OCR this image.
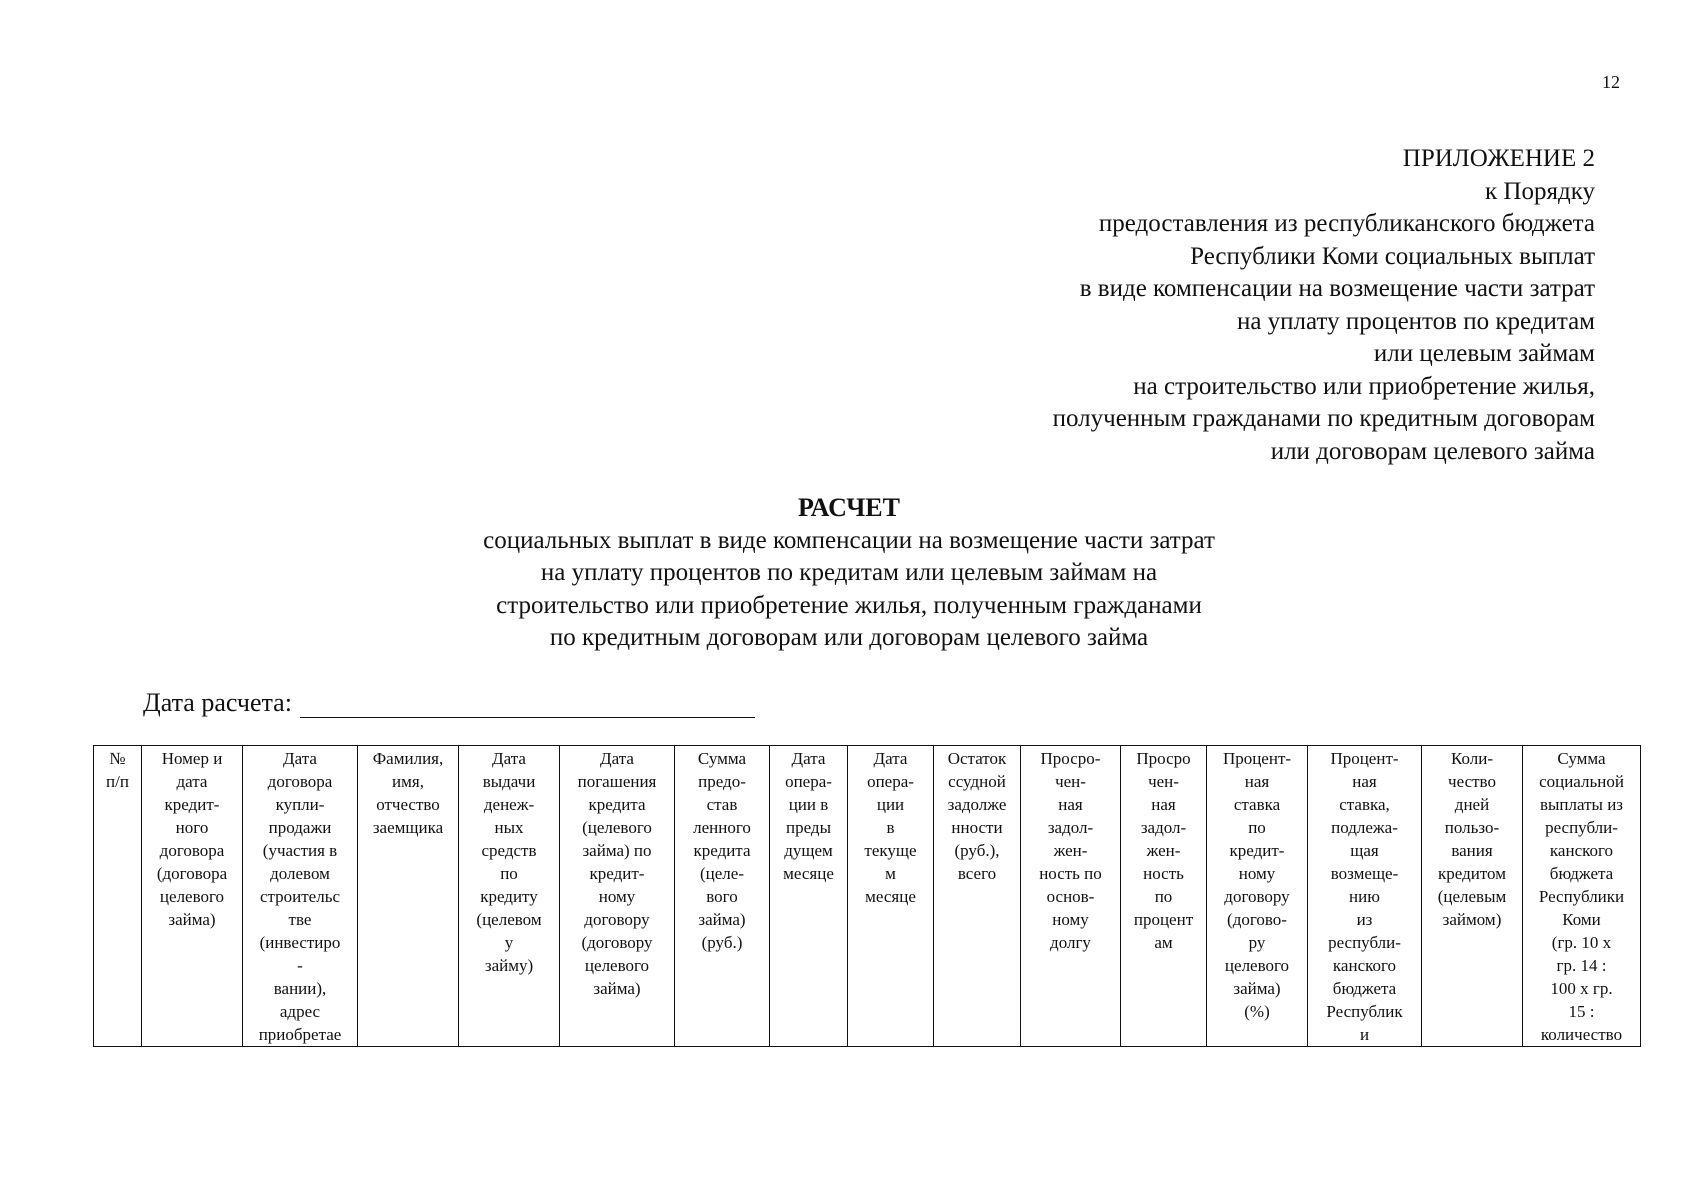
12
ПРИЛОЖЕНИЕ 2
к Порядку
предоставления из республиканского бюджета
Республики Коми социальных выплат
в виде компенсации на возмещение части затрат
на уплату процентов по кредитам
или целевым займам
на строительство или приобретение жилья,
полученным гражданами по кредитным договорам
или договорам целевого займа
РАСЧЕТ
социальных выплат в виде компенсации на возмещение части затрат
на уплату процентов по кредитам или целевым займам на
строительство или приобретение жилья, полученным гражданами
по кредитным договорам или договорам целевого займа
Дата расчета:
№
п/п

Номер и
дата
кредит-
ного
договора
(договора
целевого
займа)

Дата
договора
купли-
продажи
(участия в
долевом
строительс
тве
(инвестиро
-
вании),
адрес
приобретае

Фамилия,
имя,
отчество
заемщика

Дата
выдачи
денеж-
ных
средств
по
кредиту
(целевом
у
займу)

Дата
погашения
кредита
(целевого
займа) по
кредит-
ному
договору
(договору
целевого
займа)

Сумма
предо-
став
ленного
кредита
(целе-
вого
займа)
(руб.)

Дата
опера-
ции в
преды
дущем
месяце

Дата
опера-
ции
в
текуще
м
месяце

Остаток
ссудной
задолже
нности
(руб.),
всего

Просро-
чен-
ная
задол-
жен-
ность по
основ-
ному
долгу

Просро
чен-
ная
задол-
жен-
ность
по
процент
ам

Процент-
ная
ставка
по
кредит-
ному
договору
(догово-
ру
целевого
займа)
(%)

Процент-
ная
ставка,
подлежа-
щая
возмеще-
нию
из
республи-
канского
бюджета
Республик
и

Коли-
чество
дней
пользо-
вания
кредитом
(целевым
займом)

Сумма
социальной
выплаты из
республи-
канского
бюджета
Республики
Коми
(гр. 10 х
гр. 14 :
100 х гр.
15 :
количество
